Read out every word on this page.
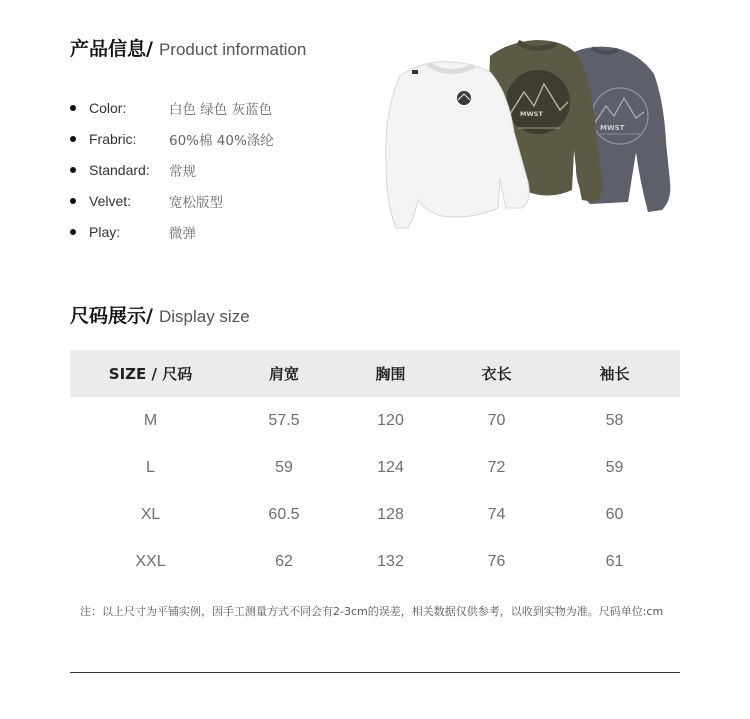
产品信息/ Product information
Color:	白色 绿色 灰蓝色
Frabric:	60%棉 40%涤纶
Standard:	常规
Velvet:	宽松版型
Play:	微弹
MWST
MWST
尺码展示/ Display size
SIZE / 尺码	肩宽	胸围	衣长	袖长
M	57.5	120	70	58
L	59	124	72	59
XL	60.5	128	74	60
XXL	62	132	76	61
注：以上尺寸为平铺实例，因手工测量方式不同会有2-3cm的误差，相关数据仅供参考，以收到实物为准。尺码单位:cm
